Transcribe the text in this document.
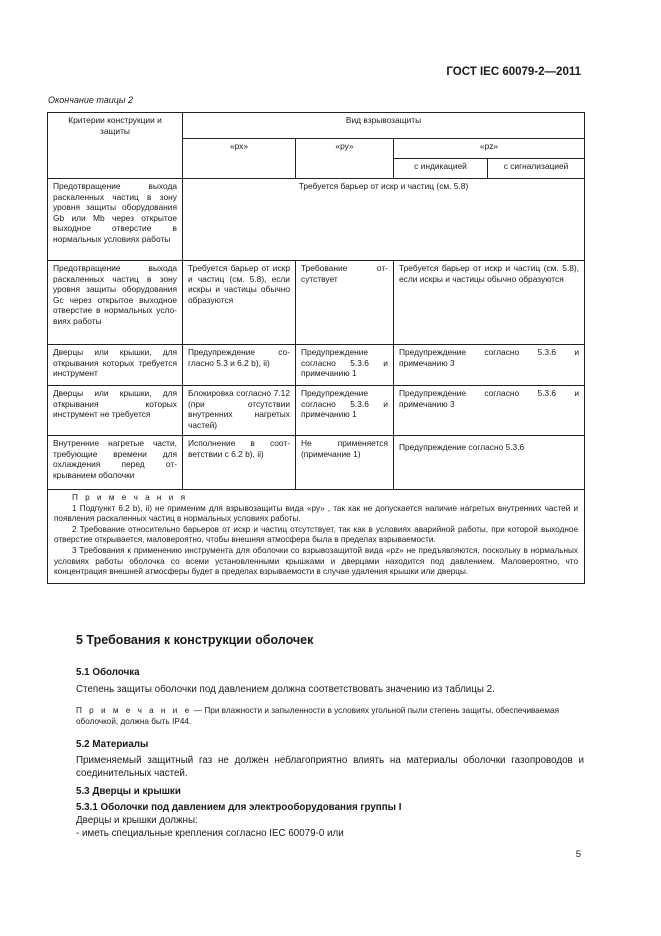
ГОСТ IEC 60079-2—2011
Окончание таицы 2
Критерии конструкции и защиты	Вид взрывозащиты			
	«рх»	«ру»	«pz»	
			с индикацией	с сигнализацией
Предотвращение выхода раскаленных частиц в зону уровня защиты оборудования Gb или Mb через открытое выходное отверстие в нормальных условиях работы	Требуется барьер от искр и частиц (см. 5.8)			
Предотвращение выхода раскаленных частиц в зону уровня защиты оборудования Gc через открытое выходное отверстие в нормальных условиях работы	Требуется барьер от искр и частиц (см. 5.8), если искры и частицы обычно образуются	Требование отсутствует	Требуется барьер от искр и частиц (см. 5.8), если искры и частицы обычно образуются	
Дверцы или крышки, для открывания которых требуется инструмент	Предупреждение согласно 5.3 и 6.2 b), ii)	Предупреждение согласно 5.3.6 и примечанию 1	Предупреждение согласно 5.3.6 и примечанию 3	
Дверцы или крышки, для открывания которых инструмент не требуется	Блокировка согласно 7.12 (при отсутствии внутренних нагретых частей)	Предупреждение согласно 5.3.6 и примечанию 1	Предупреждение согласно 5.3.6 и примечанию 3	
Внутренние нагретые части, требующие времени для охлаждения перед открыванием оболочки	Исполнение в соответствии с 6.2 b), ii)	Не применяется (примечание 1)	Предупреждение согласно 5.3.6	

П р и м е ч а н и я
1 Подпункт 6.2 b), ii) не применим для взрывозащиты вида «ру» , так как не допускается наличие нагретых внутренних частей и появления раскаленных частиц в нормальных условиях работы.
2 Требование относительно барьеров от искр и частиц отсутствует, так как в условиях аварийной работы, при которой выходное отверстие открывается, маловероятно, чтобы внешняя атмосфера была в пределах взрываемости.
3 Требования к применению инструмента для оболочки со взрывозащитой вида «pz» не предъявляются, поскольку в нормальных условиях работы оболочка со всеми установленными крышками и дверцами находится под давлением. Маловероятно, что концентрация внешней атмосферы будет в пределах взрываемости в случае удаления крышки или дверцы.				
5 Требования к конструкции оболочек
5.1 Оболочка
Степень защиты оболочки под давлением должна соответствовать значению из таблицы 2.
П р и м е ч а н и е — При влажности и запыленности в условиях угольной пыли степень защиты, обеспечиваемая оболочкой, должна быть IP44.
5.2 Материалы
Применяемый защитный газ не должен неблагоприятно влиять на материалы оболочки газопроводов и соединительных частей.
5.3 Дверцы и крышки
5.3.1 Оболочки под давлением для электрооборудования группы I
Дверцы и крышки должны:
- иметь специальные крепления согласно IEC 60079-0 или
5
